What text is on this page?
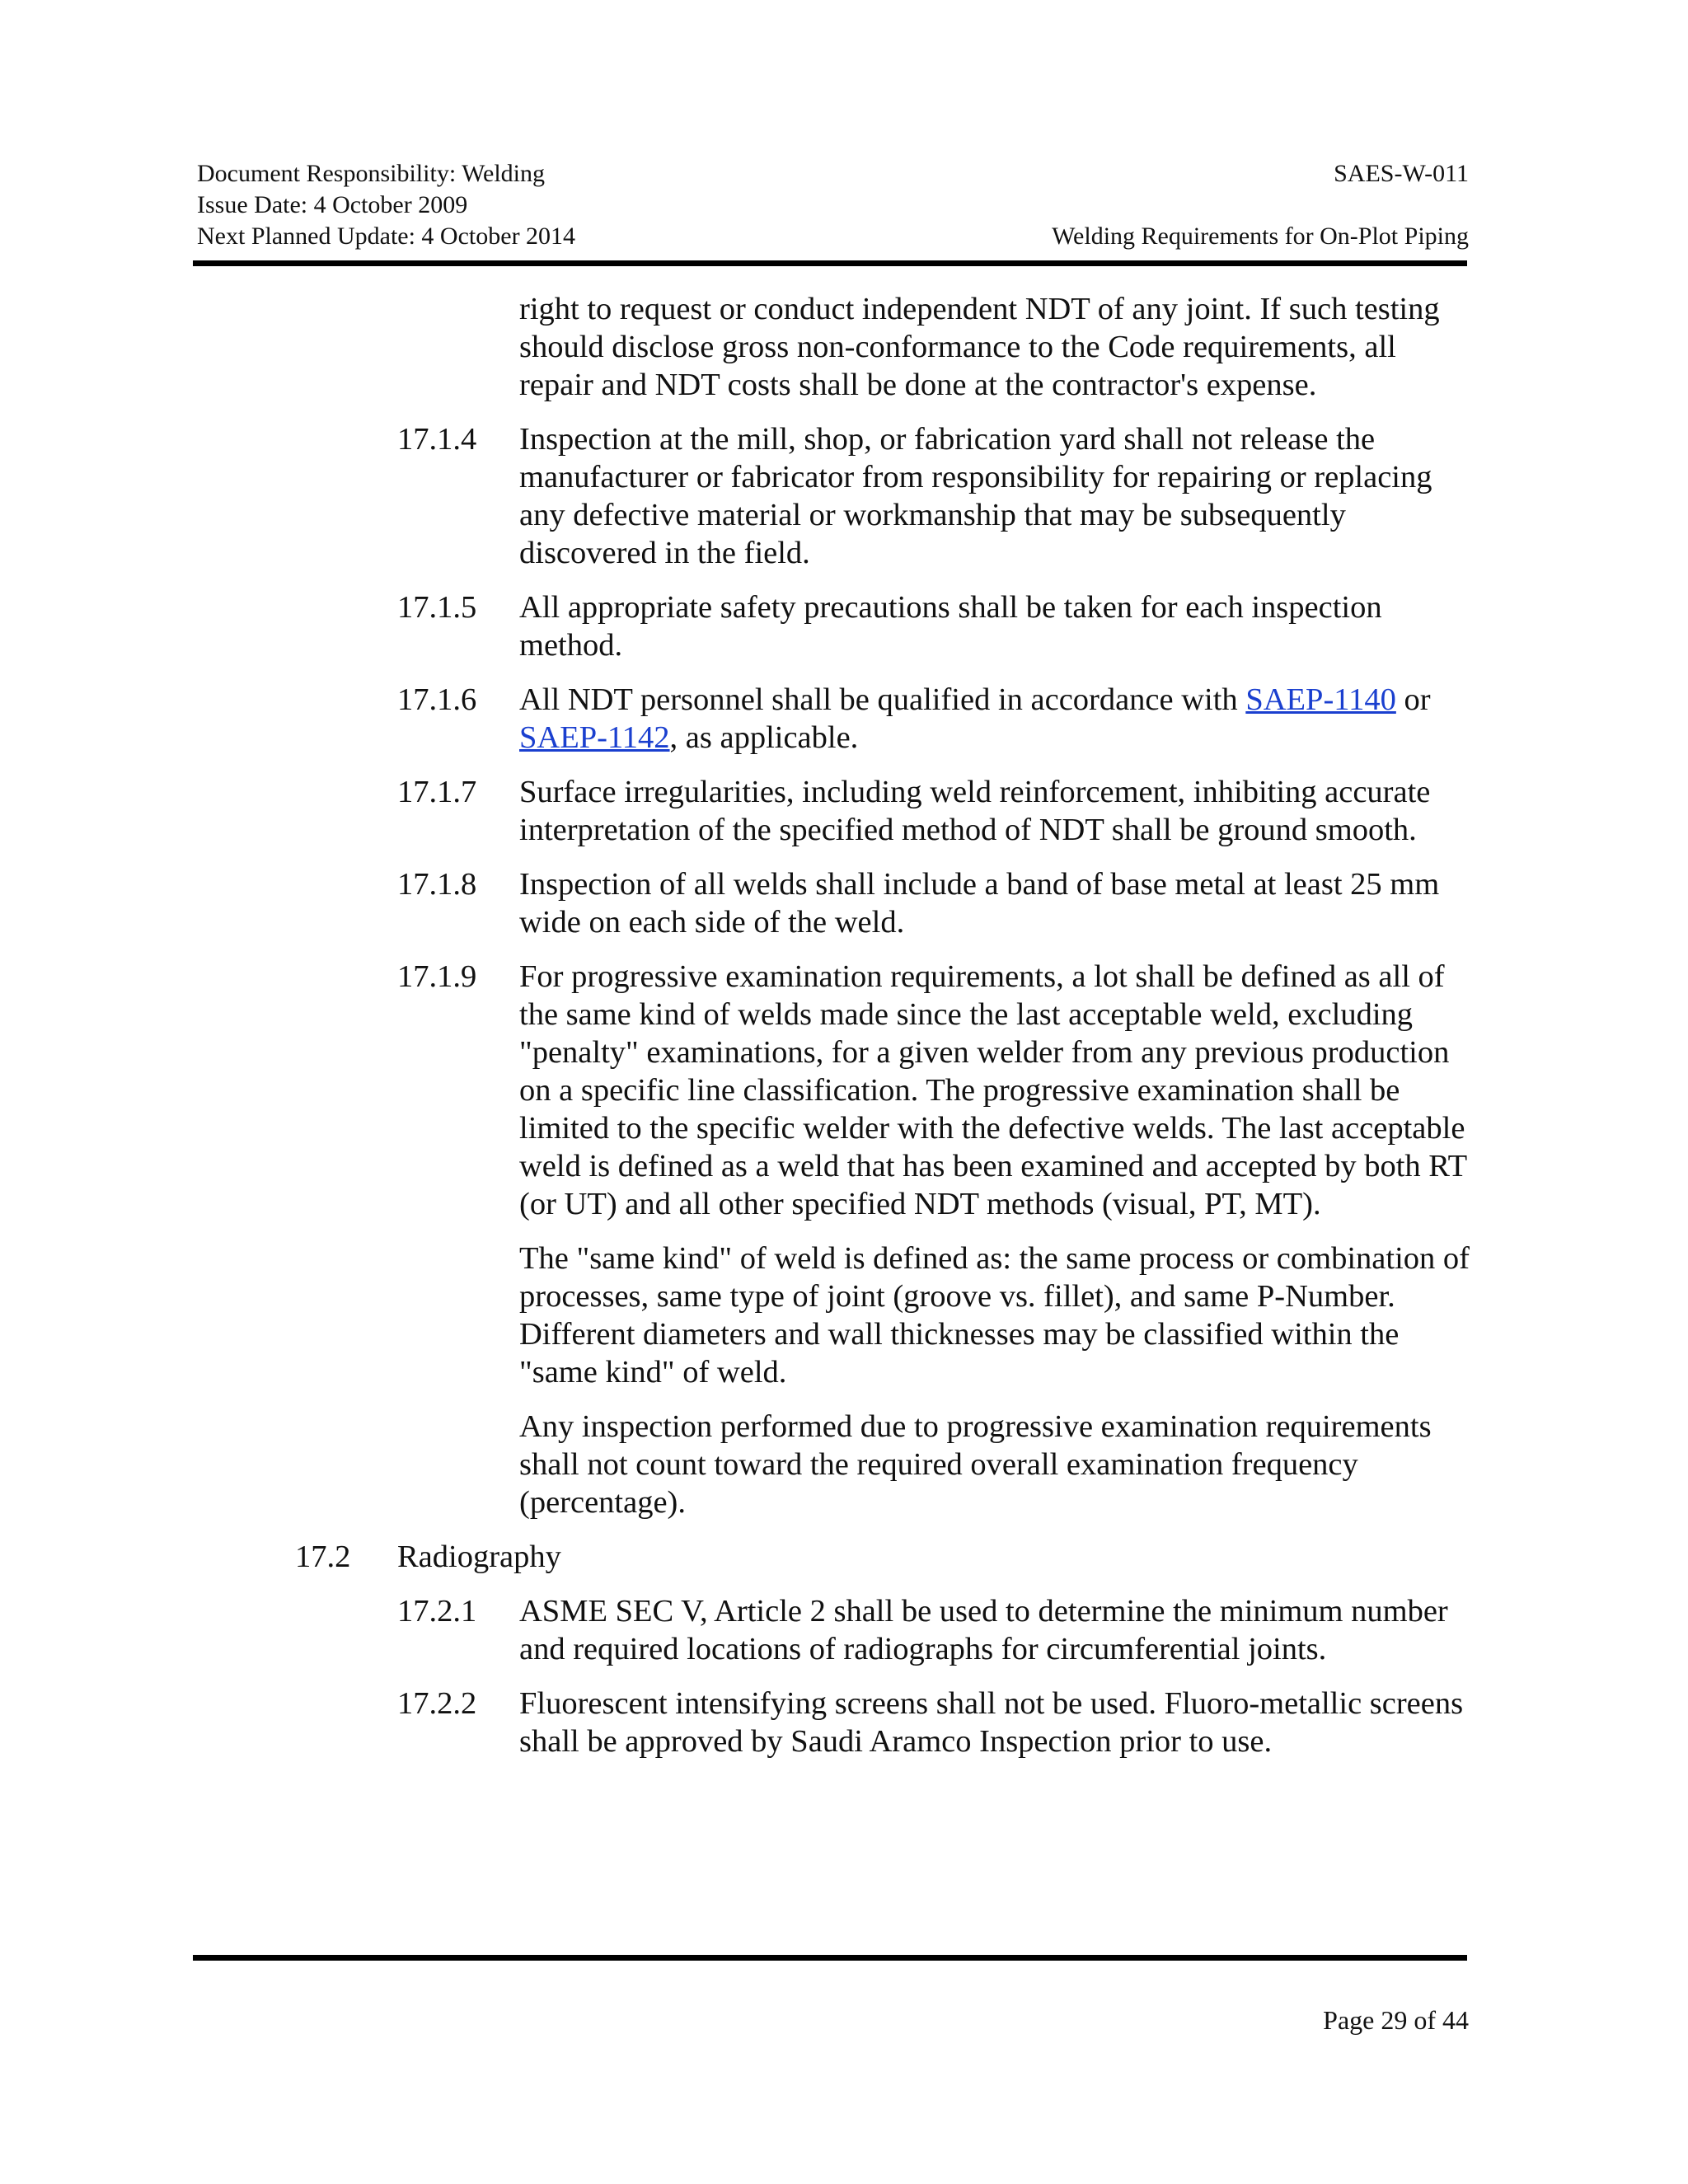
Document Responsibility: Welding
Issue Date: 4 October 2009
Next Planned Update: 4 October 2014
SAES-W-011
Welding Requirements for On-Plot Piping
right to request or conduct independent NDT of any joint. If such testing should disclose gross non-conformance to the Code requirements, all repair and NDT costs shall be done at the contractor's expense.
17.1.4 Inspection at the mill, shop, or fabrication yard shall not release the manufacturer or fabricator from responsibility for repairing or replacing any defective material or workmanship that may be subsequently discovered in the field.
17.1.5 All appropriate safety precautions shall be taken for each inspection method.
17.1.6 All NDT personnel shall be qualified in accordance with SAEP-1140 or SAEP-1142, as applicable.
17.1.7 Surface irregularities, including weld reinforcement, inhibiting accurate interpretation of the specified method of NDT shall be ground smooth.
17.1.8 Inspection of all welds shall include a band of base metal at least 25 mm wide on each side of the weld.
17.1.9 For progressive examination requirements, a lot shall be defined as all of the same kind of welds made since the last acceptable weld, excluding "penalty" examinations, for a given welder from any previous production on a specific line classification. The progressive examination shall be limited to the specific welder with the defective welds. The last acceptable weld is defined as a weld that has been examined and accepted by both RT (or UT) and all other specified NDT methods (visual, PT, MT).
The "same kind" of weld is defined as: the same process or combination of processes, same type of joint (groove vs. fillet), and same P-Number. Different diameters and wall thicknesses may be classified within the "same kind" of weld.
Any inspection performed due to progressive examination requirements shall not count toward the required overall examination frequency (percentage).
17.2 Radiography
17.2.1 ASME SEC V, Article 2 shall be used to determine the minimum number and required locations of radiographs for circumferential joints.
17.2.2 Fluorescent intensifying screens shall not be used. Fluoro-metallic screens shall be approved by Saudi Aramco Inspection prior to use.
Page 29 of 44
